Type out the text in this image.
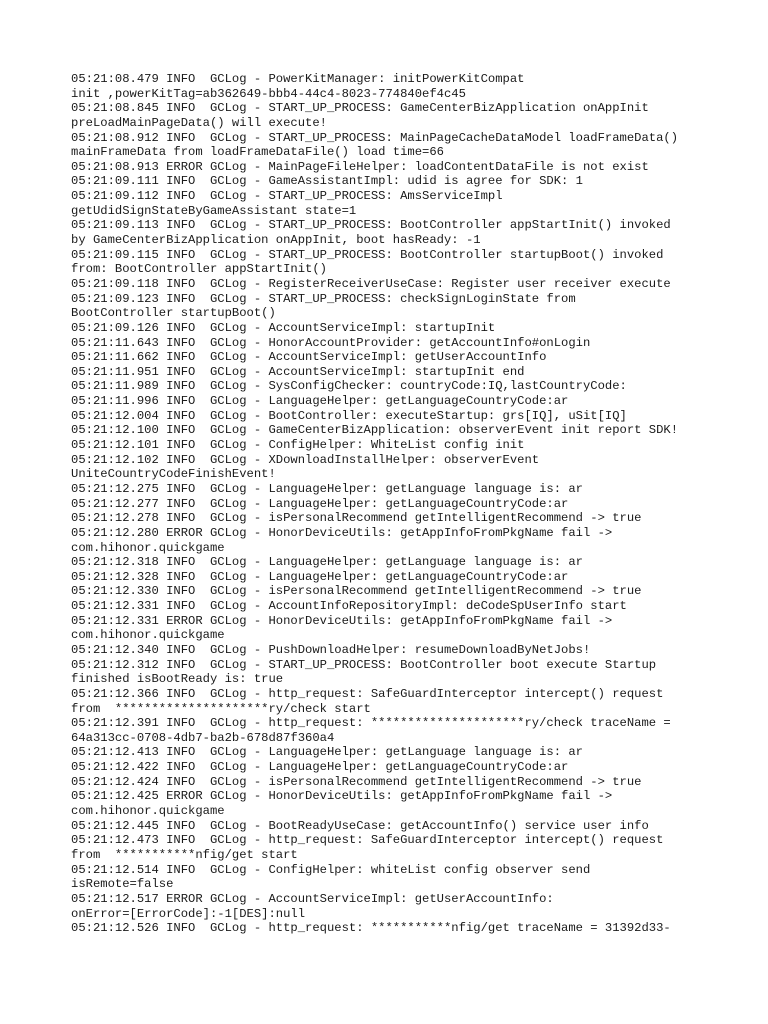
05:21:08.479 INFO  GCLog - PowerKitManager: initPowerKitCompat
init ,powerKitTag=ab362649-bbb4-44c4-8023-774840ef4c45
05:21:08.845 INFO  GCLog - START_UP_PROCESS: GameCenterBizApplication onAppInit
preLoadMainPageData() will execute!
05:21:08.912 INFO  GCLog - START_UP_PROCESS: MainPageCacheDataModel loadFrameData()
mainFrameData from loadFrameDataFile() load time=66
05:21:08.913 ERROR GCLog - MainPageFileHelper: loadContentDataFile is not exist
05:21:09.111 INFO  GCLog - GameAssistantImpl: udid is agree for SDK: 1
05:21:09.112 INFO  GCLog - START_UP_PROCESS: AmsServiceImpl
getUdidSignStateByGameAssistant state=1
05:21:09.113 INFO  GCLog - START_UP_PROCESS: BootController appStartInit() invoked
by GameCenterBizApplication onAppInit, boot hasReady: -1
05:21:09.115 INFO  GCLog - START_UP_PROCESS: BootController startupBoot() invoked
from: BootController appStartInit()
05:21:09.118 INFO  GCLog - RegisterReceiverUseCase: Register user receiver execute
05:21:09.123 INFO  GCLog - START_UP_PROCESS: checkSignLoginState from
BootController startupBoot()
05:21:09.126 INFO  GCLog - AccountServiceImpl: startupInit
05:21:11.643 INFO  GCLog - HonorAccountProvider: getAccountInfo#onLogin
05:21:11.662 INFO  GCLog - AccountServiceImpl: getUserAccountInfo
05:21:11.951 INFO  GCLog - AccountServiceImpl: startupInit end
05:21:11.989 INFO  GCLog - SysConfigChecker: countryCode:IQ,lastCountryCode:
05:21:11.996 INFO  GCLog - LanguageHelper: getLanguageCountryCode:ar
05:21:12.004 INFO  GCLog - BootController: executeStartup: grs[IQ], uSit[IQ]
05:21:12.100 INFO  GCLog - GameCenterBizApplication: observerEvent init report SDK!
05:21:12.101 INFO  GCLog - ConfigHelper: WhiteList config init
05:21:12.102 INFO  GCLog - XDownloadInstallHelper: observerEvent
UniteCountryCodeFinishEvent!
05:21:12.275 INFO  GCLog - LanguageHelper: getLanguage language is: ar
05:21:12.277 INFO  GCLog - LanguageHelper: getLanguageCountryCode:ar
05:21:12.278 INFO  GCLog - isPersonalRecommend getIntelligentRecommend -> true
05:21:12.280 ERROR GCLog - HonorDeviceUtils: getAppInfoFromPkgName fail ->
com.hihonor.quickgame
05:21:12.318 INFO  GCLog - LanguageHelper: getLanguage language is: ar
05:21:12.328 INFO  GCLog - LanguageHelper: getLanguageCountryCode:ar
05:21:12.330 INFO  GCLog - isPersonalRecommend getIntelligentRecommend -> true
05:21:12.331 INFO  GCLog - AccountInfoRepositoryImpl: deCodeSpUserInfo start
05:21:12.331 ERROR GCLog - HonorDeviceUtils: getAppInfoFromPkgName fail ->
com.hihonor.quickgame
05:21:12.340 INFO  GCLog - PushDownloadHelper: resumeDownloadByNetJobs!
05:21:12.312 INFO  GCLog - START_UP_PROCESS: BootController boot execute Startup
finished isBootReady is: true
05:21:12.366 INFO  GCLog - http_request: SafeGuardInterceptor intercept() request
from  *********************ry/check start
05:21:12.391 INFO  GCLog - http_request: *********************ry/check traceName =
64a313cc-0708-4db7-ba2b-678d87f360a4
05:21:12.413 INFO  GCLog - LanguageHelper: getLanguage language is: ar
05:21:12.422 INFO  GCLog - LanguageHelper: getLanguageCountryCode:ar
05:21:12.424 INFO  GCLog - isPersonalRecommend getIntelligentRecommend -> true
05:21:12.425 ERROR GCLog - HonorDeviceUtils: getAppInfoFromPkgName fail ->
com.hihonor.quickgame
05:21:12.445 INFO  GCLog - BootReadyUseCase: getAccountInfo() service user info
05:21:12.473 INFO  GCLog - http_request: SafeGuardInterceptor intercept() request
from  ***********nfig/get start
05:21:12.514 INFO  GCLog - ConfigHelper: whiteList config observer send
isRemote=false
05:21:12.517 ERROR GCLog - AccountServiceImpl: getUserAccountInfo:
onError=[ErrorCode]:-1[DES]:null
05:21:12.526 INFO  GCLog - http_request: ***********nfig/get traceName = 31392d33-
